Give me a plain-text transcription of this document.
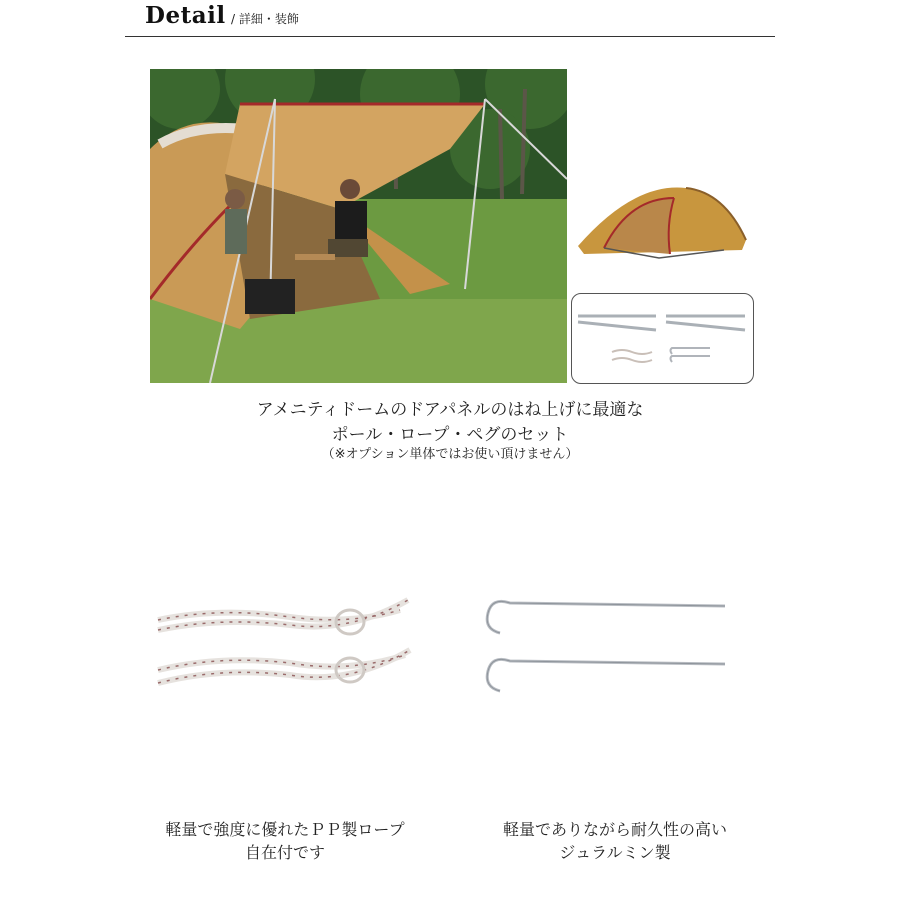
Detail / 詳細・装飾
アメニティドームのドアパネルのはね上げに最適な
ポール・ロープ・ペグのセット
（※オプション単体ではお使い頂けません）
軽量で強度に優れたＰＰ製ロープ
自在付です
軽量でありながら耐久性の高い
ジュラルミン製
